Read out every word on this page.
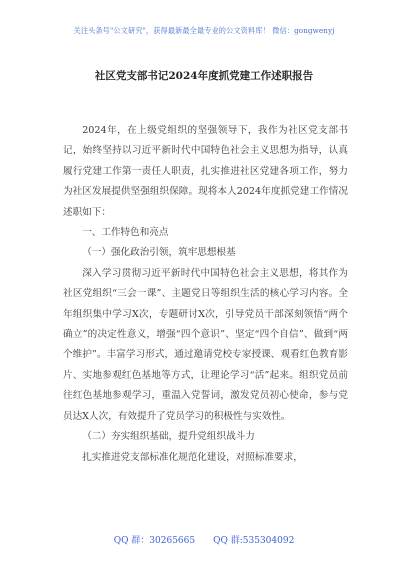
关注头条号"公文研究"，获得最新最全最专业的公文资料库！ 微信：gongwenyj
社区党支部书记2024年度抓党建工作述职报告

2024年，在上级党组织的坚强领导下，我作为社区党支部书记，始终坚持以习近平新时代中国特色社会主义思想为指导，认真履行党建工作第一责任人职责，扎实推进社区党建各项工作，努力为社区发展提供坚强组织保障。现将本人2024年度抓党建工作情况述职如下：

一、工作特色和亮点

（一）强化政治引领，筑牢思想根基

深入学习贯彻习近平新时代中国特色社会主义思想，将其作为社区党组织“三会一课”、主题党日等组织生活的核心学习内容。全年组织集中学习X次，专题研讨X次，引导党员干部深刻领悟“两个确立”的决定性意义，增强“四个意识”、坚定“四个自信”、做到“两个维护”。丰富学习形式，通过邀请党校专家授课、观看红色教育影片、实地参观红色基地等方式，让理论学习“活”起来。组织党员前往红色基地参观学习，重温入党誓词，激发党员初心使命，参与党员达X人次，有效提升了党员学习的积极性与实效性。

（二）夯实组织基础，提升党组织战斗力

扎实推进党支部标准化规范化建设，对照标准要求，

QQ 群：30265665 QQ 群:535304092
